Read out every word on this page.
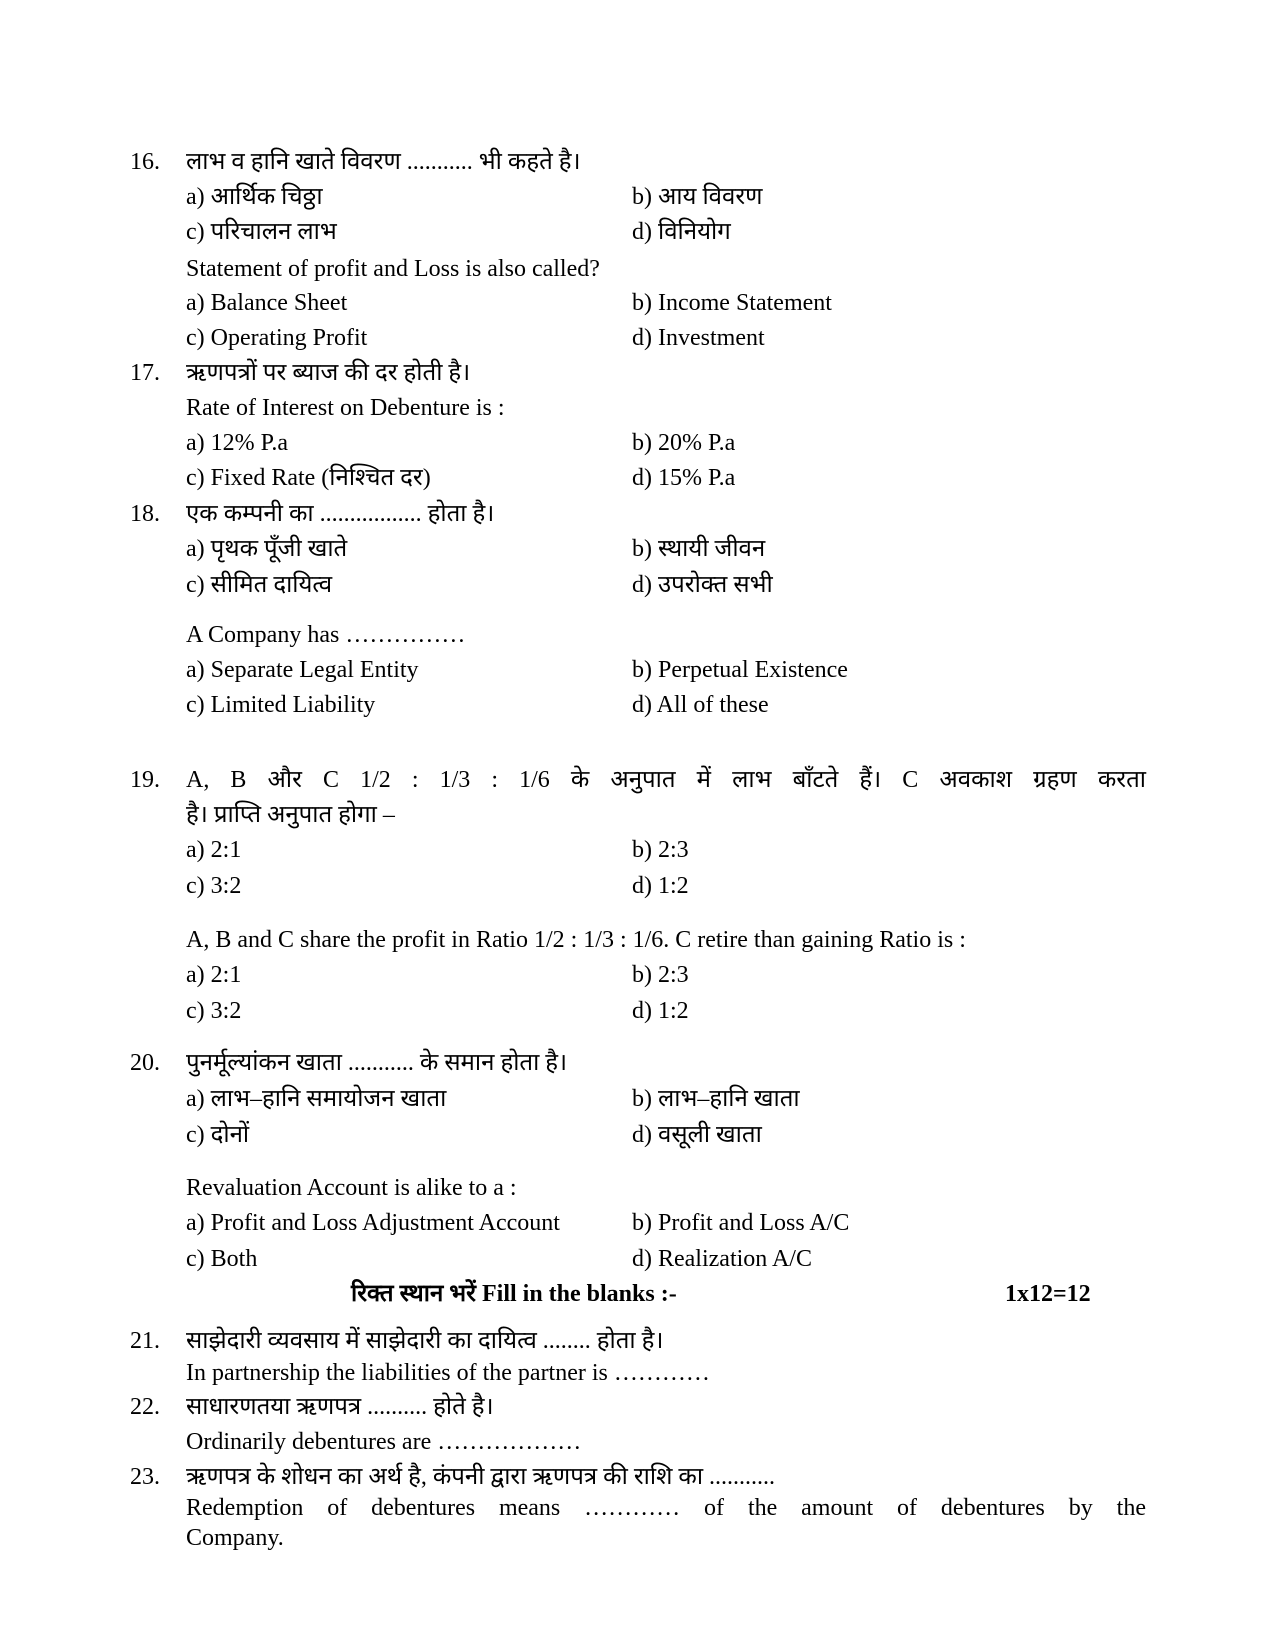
16. लाभ व हानि खाते विवरण ........... भी कहते है।
a) आर्थिक चिठ्ठा	b) आय विवरण
c) परिचालन लाभ	d) विनियोग
Statement of profit and Loss is also called?
a) Balance Sheet	b) Income Statement
c) Operating Profit	d) Investment
17. ऋणपत्रों पर ब्याज की दर होती है।
Rate of Interest on Debenture is :
a) 12% P.a	b) 20% P.a
c) Fixed Rate (निश्चित दर)	d) 15% P.a
18. एक कम्पनी का ................. होता है।
a) पृथक पूँजी खाते	b) स्थायी जीवन
c) सीमित दायित्व	d) उपरोक्त सभी
A Company has ……………
a) Separate Legal Entity	b) Perpetual Existence
c) Limited Liability	d) All of these
19. A, B और C 1/2 : 1/3 : 1/6 के अनुपात में लाभ बाँटते हैं। C अवकाश ग्रहण करता
है। प्राप्ति अनुपात होगा –
a) 2:1	b) 2:3
c) 3:2	d) 1:2
A, B and C share the profit in Ratio 1/2 : 1/3 : 1/6. C retire than gaining Ratio is :
a) 2:1	b) 2:3
c) 3:2	d) 1:2
20. पुनर्मूल्यांकन खाता ........... के समान होता है।
a) लाभ–हानि समायोजन खाता	b) लाभ–हानि खाता
c) दोनों	d) वसूली खाता
Revaluation Account is alike to a :
a) Profit and Loss Adjustment Account	b) Profit and Loss A/C
c) Both	d) Realization A/C
रिक्त स्थान भरें Fill in the blanks :-	1x12=12
21. साझेदारी व्यवसाय में साझेदारी का दायित्व ........ होता है।
In partnership the liabilities of the partner is …………
22. साधारणतया ऋणपत्र .......... होते है।
Ordinarily debentures are ………………
23. ऋणपत्र के शोधन का अर्थ है, कंपनी द्वारा ऋणपत्र की राशि का ...........
Redemption of debentures means ………… of the amount of debentures by the
Company.
